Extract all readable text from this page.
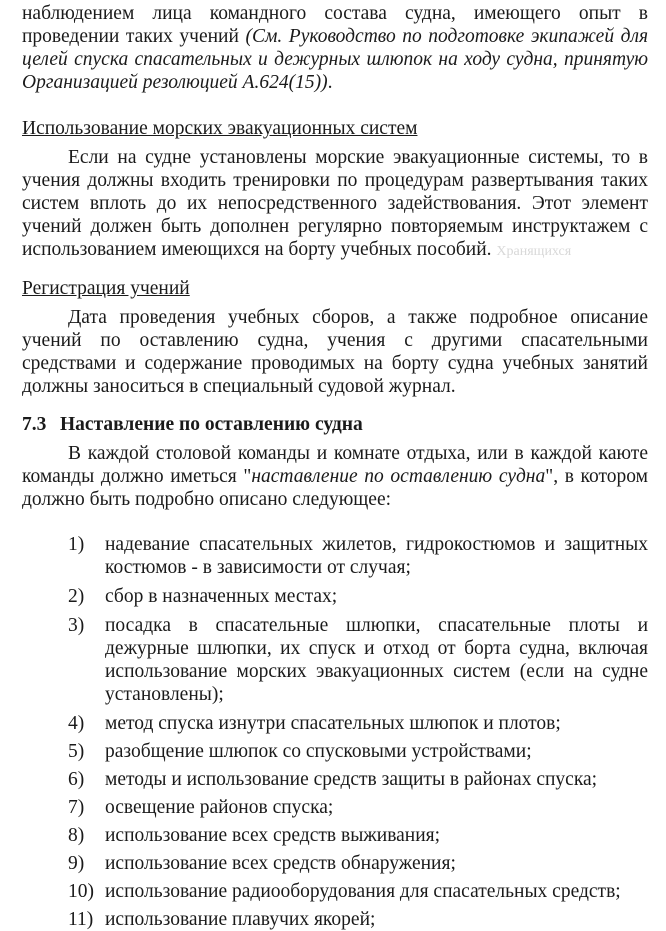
наблюдением лица командного состава судна, имеющего опыт в проведении таких учений (См. Руководство по подготовке экипажей для целей спуска спасательных и дежурных шлюпок на ходу судна, принятую Организацией резолюцией А.624(15)).

Использование морских эвакуационных систем

Если на судне установлены морские эвакуационные системы, то в учения должны входить тренировки по процедурам развертывания таких систем вплоть до их непосредственного задействования. Этот элемент учений должен быть дополнен регулярно повторяемым инструктажем с использованием имеющихся на борту учебных пособий. Хранящихся

Регистрация учений

Дата проведения учебных сборов, а также подробное описание учений по оставлению судна, учения с другими спасательными средствами и содержание проводимых на борту судна учебных занятий должны заноситься в специальный судовой журнал.

7.3 Наставление по оставлению судна

В каждой столовой команды и комнате отдыха, или в каждой каюте команды должно иметься "наставление по оставлению судна", в котором должно быть подробно описано следующее:

1) надевание спасательных жилетов, гидрокостюмов и защитных костюмов - в зависимости от случая;
2) сбор в назначенных местах;
3) посадка в спасательные шлюпки, спасательные плоты и дежурные шлюпки, их спуск и отход от борта судна, включая использование морских эвакуационных систем (если на судне установлены);
4) метод спуска изнутри спасательных шлюпок и плотов;
5) разобщение шлюпок со спусковыми устройствами;
6) методы и использование средств защиты в районах спуска;
7) освещение районов спуска;
8) использование всех средств выживания;
9) использование всех средств обнаружения;
10) использование радиооборудования для спасательных средств;
11) использование плавучих якорей;
